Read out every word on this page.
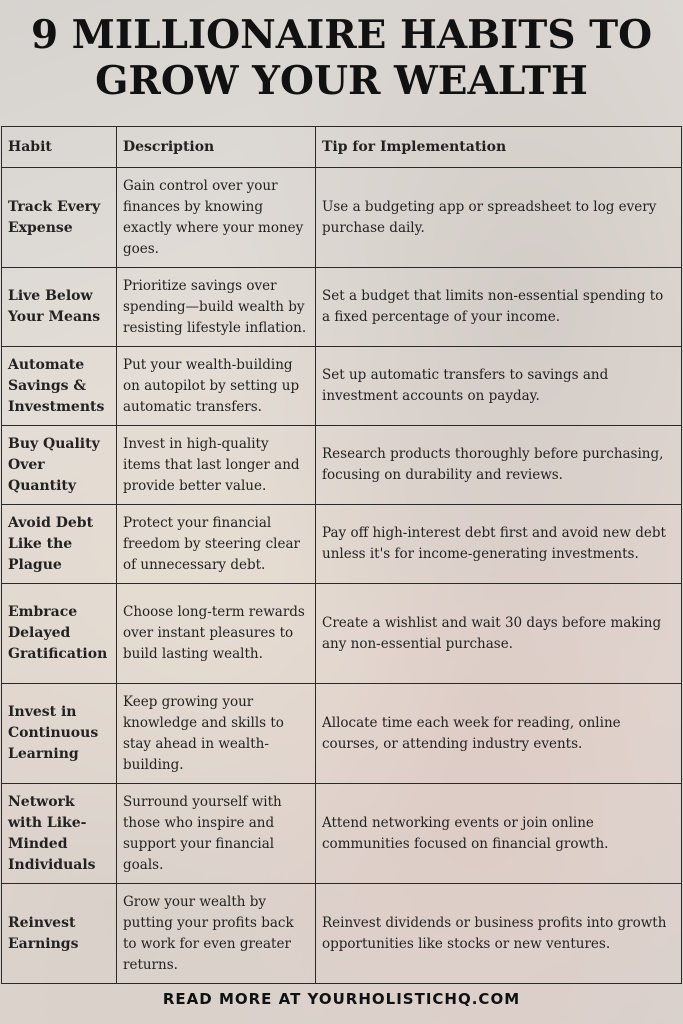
9 MILLIONAIRE HABITS TO
GROW YOUR WEALTH
Habit	Description	Tip for Implementation
Track Every Expense	Gain control over your finances by knowing exactly where your money goes.	Use a budgeting app or spreadsheet to log every purchase daily.
Live Below Your Means	Prioritize savings over spending—build wealth by resisting lifestyle inflation.	Set a budget that limits non-essential spending to a fixed percentage of your income.
Automate Savings & Investments	Put your wealth-building on autopilot by setting up automatic transfers.	Set up automatic transfers to savings and investment accounts on payday.
Buy Quality Over Quantity	Invest in high-quality items that last longer and provide better value.	Research products thoroughly before purchasing, focusing on durability and reviews.
Avoid Debt Like the Plague	Protect your financial freedom by steering clear of unnecessary debt.	Pay off high-interest debt first and avoid new debt unless it's for income-generating investments.
Embrace Delayed Gratification	Choose long-term rewards over instant pleasures to build lasting wealth.	Create a wishlist and wait 30 days before making any non-essential purchase.
Invest in Continuous Learning	Keep growing your knowledge and skills to stay ahead in wealth-building.	Allocate time each week for reading, online courses, or attending industry events.
Network with Like-Minded Individuals	Surround yourself with those who inspire and support your financial goals.	Attend networking events or join online communities focused on financial growth.
Reinvest Earnings	Grow your wealth by putting your profits back to work for even greater returns.	Reinvest dividends or business profits into growth opportunities like stocks or new ventures.
READ MORE AT YOURHOLISTICHQ.COM
